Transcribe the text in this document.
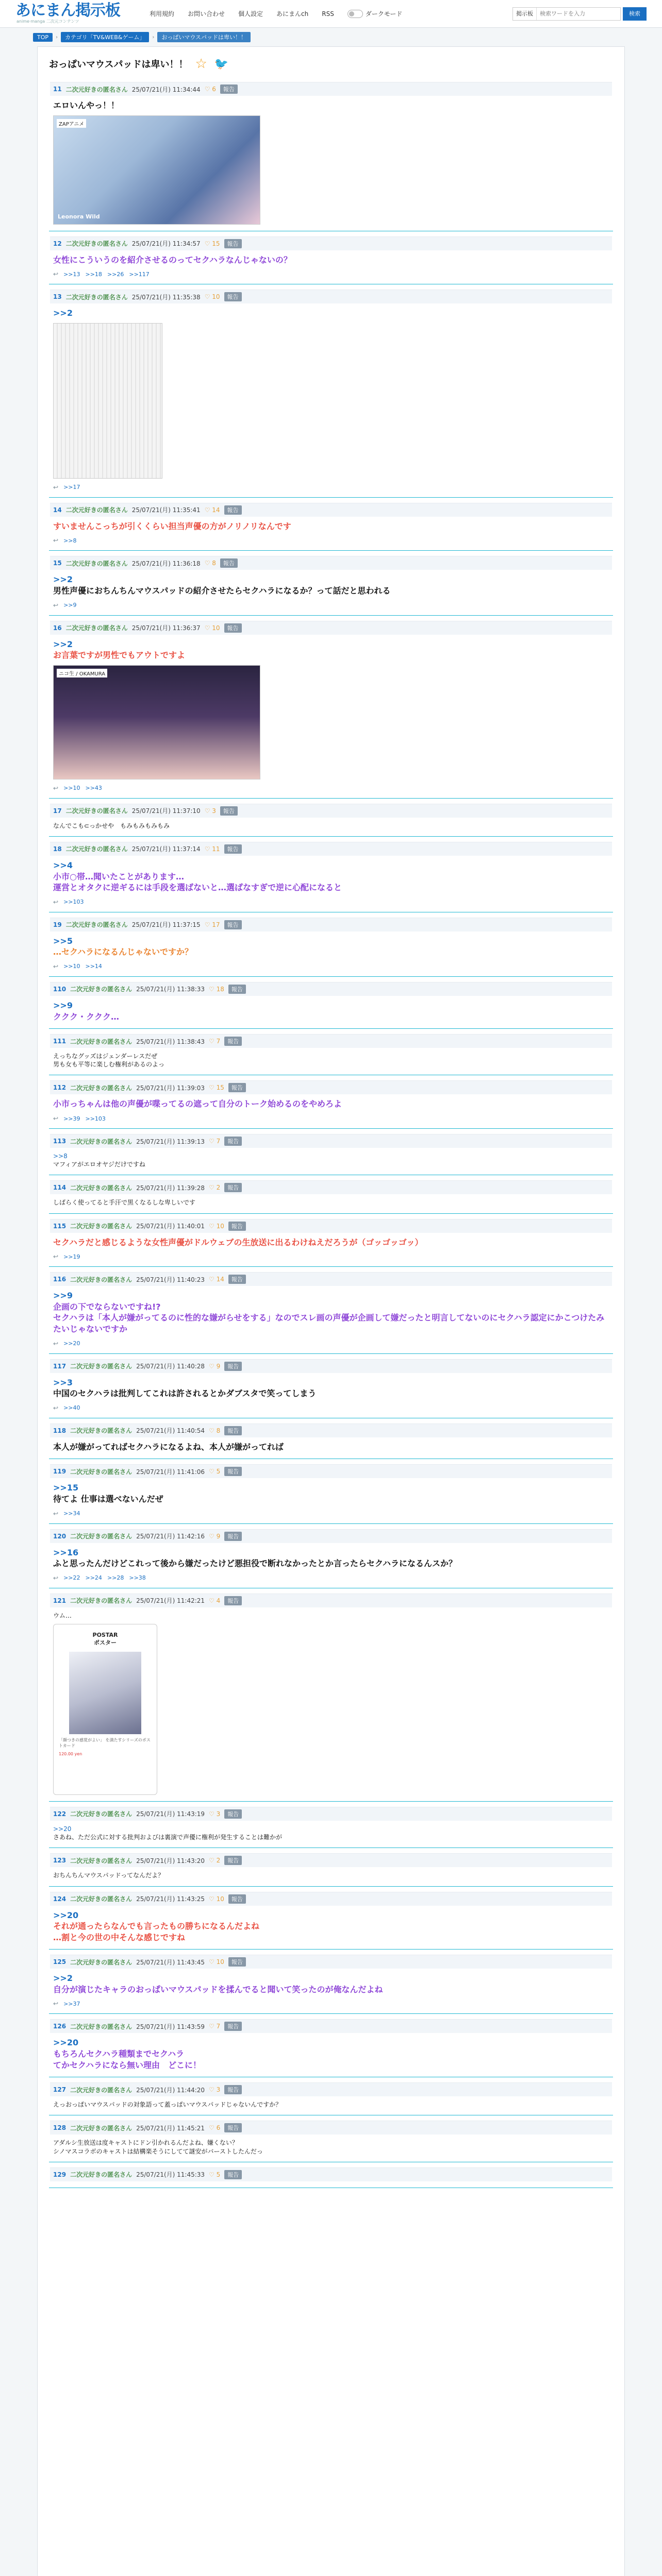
あにまん掲示板
anime·manga 二次元コンテンツ
利用規約 お問い合わせ 個人設定 あにまんch RSS	ダークモード	掲示板
検索ワードを入力	検索
TOP	›	カテゴリ「TV&WEB&ゲーム」	›	おっぱいマウスパッドは卑い！！
おっぱいマウスパッドは卑い！！ ☆ 🐦
11 二次元好きの匿名さん 25/07/21(月) 11:34:44 ♡ 6	報告
エロいんやっ！！
ZAPアニメ
Leonora Wild
12 二次元好きの匿名さん 25/07/21(月) 11:34:57 ♡ 15	報告
女性にこういうのを紹介させるのってセクハラなんじゃないの？
↩ >>13 >>18 >>26 >>117
13 二次元好きの匿名さん 25/07/21(月) 11:35:38 ♡ 10	報告
>>2
↩ >>17
14 二次元好きの匿名さん 25/07/21(月) 11:35:41 ♡ 14	報告
すいませんこっちが引くくらい担当声優の方がノリノリなんです
↩ >>8
15 二次元好きの匿名さん 25/07/21(月) 11:36:18 ♡ 8	報告
>>2
男性声優におちんちんマウスパッドの紹介させたらセクハラになるか？って話だと思われる
↩ >>9
16 二次元好きの匿名さん 25/07/21(月) 11:36:37 ♡ 10	報告
>>2
お言葉ですが男性でもアウトですよ
ニコ生 / OKAMURA
↩ >>10 >>43
17 二次元好きの匿名さん 25/07/21(月) 11:37:10 ♡ 3	報告
なんでこも⊂っかせや　もみもみもみもみ
18 二次元好きの匿名さん 25/07/21(月) 11:37:14 ♡ 11	報告
>>4
小市○帯…聞いたことがあります…
運営とオタクに逆ギるには手段を選ばないと…選ばなすぎで逆に心配になると
↩ >>103
19 二次元好きの匿名さん 25/07/21(月) 11:37:15 ♡ 17	報告
>>5
…セクハラになるんじゃないですか？
↩ >>10 >>14
110 二次元好きの匿名さん 25/07/21(月) 11:38:33 ♡ 18	報告
>>9
ククク・ククク…
111 二次元好きの匿名さん 25/07/21(月) 11:38:43 ♡ 7	報告
えっちなグッズはジェンダーレスだぜ
男も女も平等に楽しむ権利があるのよっ
112 二次元好きの匿名さん 25/07/21(月) 11:39:03 ♡ 15	報告
小市っちゃんは他の声優が喋ってるの遮って自分のトーク始めるのをやめろよ
↩ >>39 >>103
113 二次元好きの匿名さん 25/07/21(月) 11:39:13 ♡ 7	報告
>>8
マフィアがエロオヤジだけですね
114 二次元好きの匿名さん 25/07/21(月) 11:39:28 ♡ 2	報告
しばらく使ってると手汗で黒くなるしな卑しいです
115 二次元好きの匿名さん 25/07/21(月) 11:40:01 ♡ 10	報告
セクハラだと感じるような女性声優がドルウェブの生放送に出るわけねえだろうが（ゴッゴッゴッ）
↩ >>19
116 二次元好きの匿名さん 25/07/21(月) 11:40:23 ♡ 14	報告
>>9
企画の下でならないですね!?
セクハラは「本人が嫌がってるのに性的な嫌がらせをする」なのでスレ画の声優が企画して嫌だったと明言してないのにセクハラ認定にかこつけたみたいじゃないですか
↩ >>20
117 二次元好きの匿名さん 25/07/21(月) 11:40:28 ♡ 9	報告
>>3
中国のセクハラは批判してこれは許されるとかダブスタで笑ってしまう
↩ >>40
118 二次元好きの匿名さん 25/07/21(月) 11:40:54 ♡ 8	報告
本人が嫌がってればセクハラになるよね、本人が嫌がってれば
119 二次元好きの匿名さん 25/07/21(月) 11:41:06 ♡ 5	報告
>>15
待てよ 仕事は選べないんだぜ
↩ >>34
120 二次元好きの匿名さん 25/07/21(月) 11:42:16 ♡ 9	報告
>>16
ふと思ったんだけどこれって後から嫌だったけど悪担役で断れなかったとか言ったらセクハラになるんスか？
↩ >>22 >>24 >>28 >>38
121 二次元好きの匿名さん 25/07/21(月) 11:42:21 ♡ 4	報告
ウム…
POSTAR
ポスター
「顔つきの感覚がよい」 を満たすシリーズのポストカード
120.00 yen
122 二次元好きの匿名さん 25/07/21(月) 11:43:19 ♡ 3	報告
>>20
さあね、ただ公式に対する批判およびは裏演で声優に権利が発生することは難かが
123 二次元好きの匿名さん 25/07/21(月) 11:43:20 ♡ 2	報告
おちんちんマウスパッドってなんだよ？
124 二次元好きの匿名さん 25/07/21(月) 11:43:25 ♡ 10	報告
>>20
それが通ったらなんでも言ったもの勝ちになるんだよね
…割と今の世の中そんな感じですね
125 二次元好きの匿名さん 25/07/21(月) 11:43:45 ♡ 10	報告
>>2
自分が演じたキャラのおっぱいマウスパッドを揉んでると聞いて笑ったのが俺なんだよね
↩ >>37
126 二次元好きの匿名さん 25/07/21(月) 11:43:59 ♡ 7	報告
>>20
もちろんセクハラ種類までセクハラ
てかセクハラになら無い理由　どこに！
127 二次元好きの匿名さん 25/07/21(月) 11:44:20 ♡ 3	報告
えっおっぱいマウスパッドの対象語って蓋っぱいマウスパッドじゃないんですか？
128 二次元好きの匿名さん 25/07/21(月) 11:45:21 ♡ 6	報告
アダルシ生放送は度キャストにドン引かれるんだよね、嫌くない？
シノマスコラボのキャストは結構楽そうにしてて謎安がバーストしたんだっ
129 二次元好きの匿名さん 25/07/21(月) 11:45:33 ♡ 5	報告
